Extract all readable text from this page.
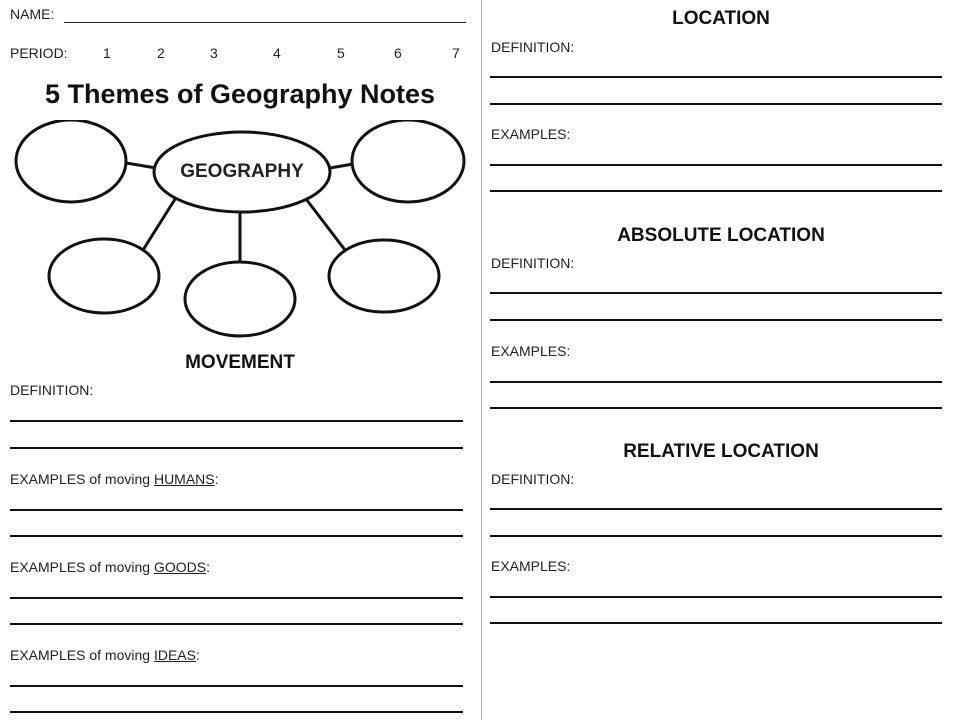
NAME:
PERIOD:	1	2	3	4	5	6	7
5 Themes of Geography Notes
GEOGRAPHY
MOVEMENT
DEFINITION:
EXAMPLES of moving HUMANS:
EXAMPLES of moving GOODS:
EXAMPLES of moving IDEAS:
LOCATION
DEFINITION:
EXAMPLES:
ABSOLUTE LOCATION
DEFINITION:
EXAMPLES:
RELATIVE LOCATION
DEFINITION:
EXAMPLES:
